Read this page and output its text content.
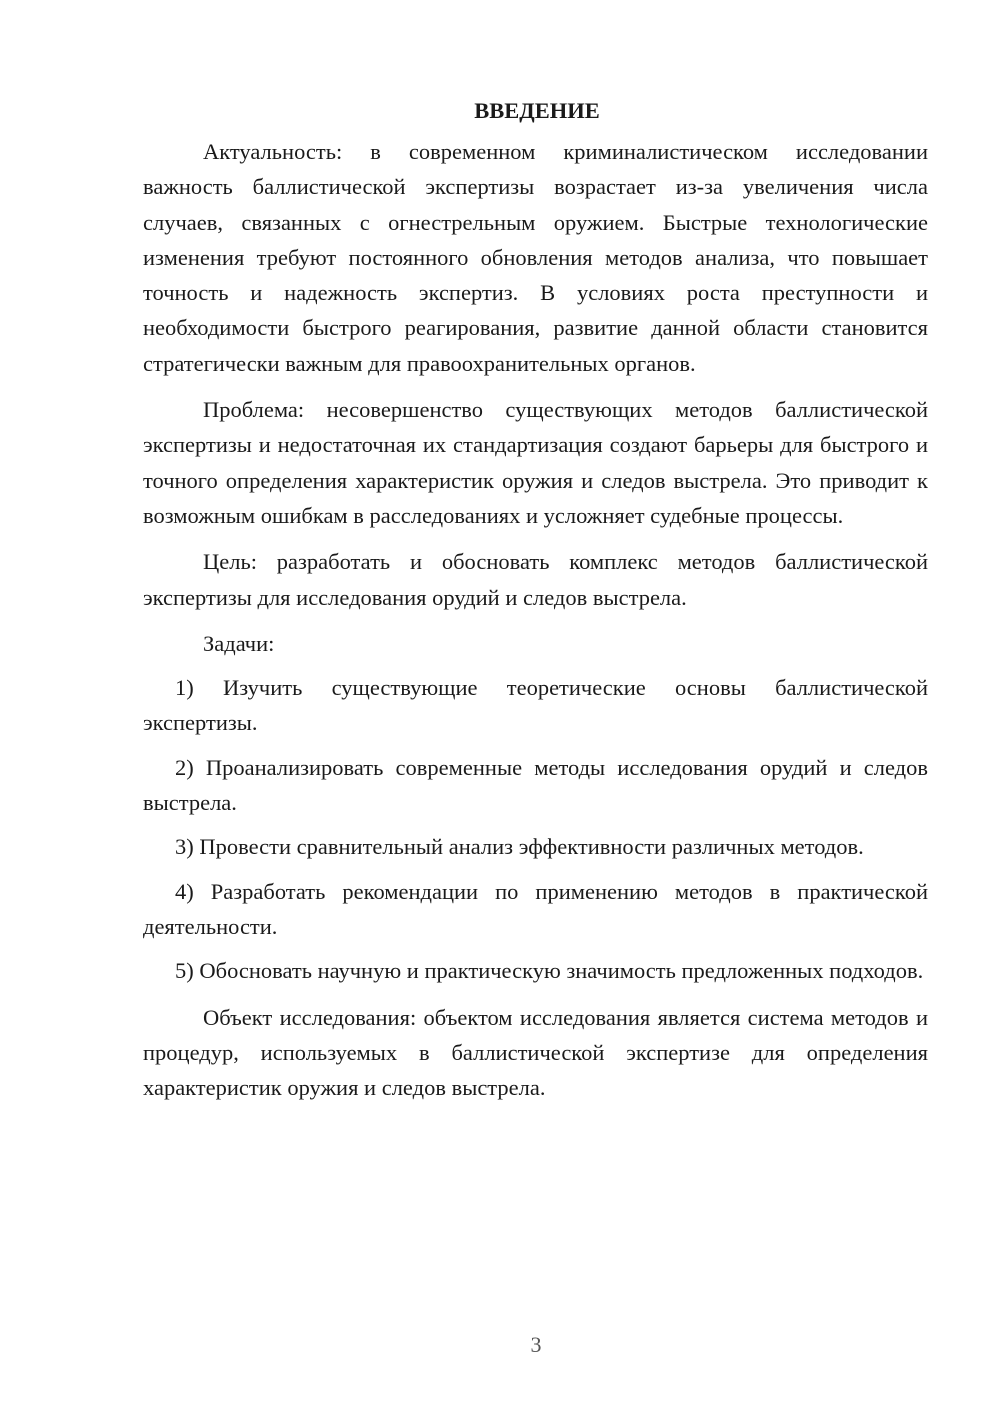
ВВЕДЕНИЕ

Актуальность: в современном криминалистическом исследовании важность баллистической экспертизы возрастает из-за увеличения числа случаев, связанных с огнестрельным оружием. Быстрые технологические изменения требуют постоянного обновления методов анализа, что повышает точность и надежность экспертиз. В условиях роста преступности и необходимости быстрого реагирования, развитие данной области становится стратегически важным для правоохранительных органов.

Проблема: несовершенство существующих методов баллистической экспертизы и недостаточная их стандартизация создают барьеры для быстрого и точного определения характеристик оружия и следов выстрела. Это приводит к возможным ошибкам в расследованиях и усложняет судебные процессы.

Цель: разработать и обосновать комплекс методов баллистической экспертизы для исследования орудий и следов выстрела.

Задачи:

1) Изучить существующие теоретические основы баллистической экспертизы.

2) Проанализировать современные методы исследования орудий и следов выстрела.

3) Провести сравнительный анализ эффективности различных методов.

4) Разработать рекомендации по применению методов в практической деятельности.

5) Обосновать научную и практическую значимость предложенных подходов.

Объект исследования: объектом исследования является система методов и процедур, используемых в баллистической экспертизе для определения характеристик оружия и следов выстрела.

3
